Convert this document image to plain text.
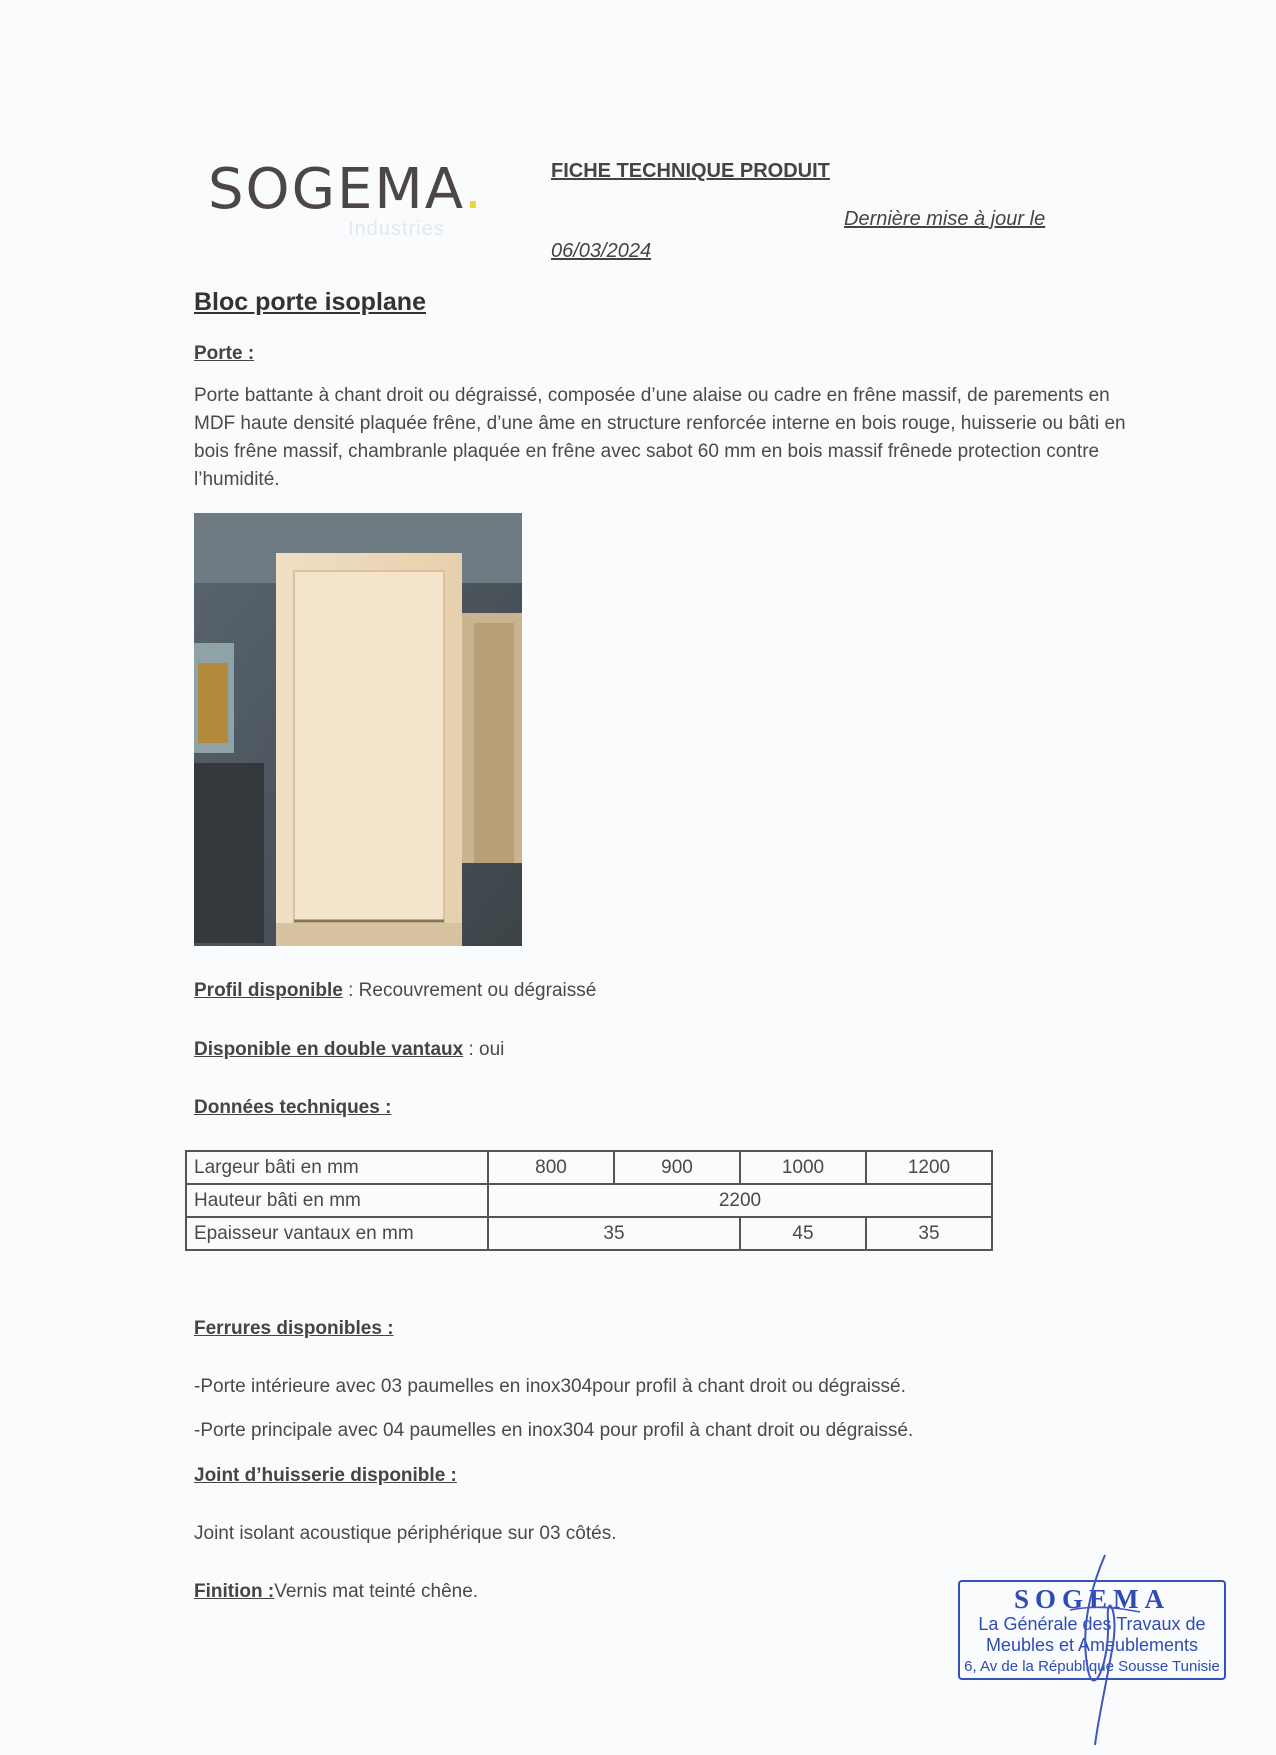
SOGEMA.
Industries
FICHE TECHNIQUE PRODUIT
Dernière mise à jour le
06/03/2024
Bloc porte isoplane
Porte :
Porte battante à chant droit ou dégraissé, composée d’une alaise ou cadre en frêne massif, de parements en MDF haute densité plaquée frêne, d’une âme en structure renforcée interne en bois rouge, huisserie ou bâti en bois frêne massif, chambranle plaquée en frêne avec sabot 60 mm en bois massif frênede protection contre l’humidité.
Profil disponible : Recouvrement ou dégraissé
Disponible en double vantaux : oui
Données techniques :
Largeur bâti en mm	800	900	1000	1200
Hauteur bâti en mm	2200			
Epaisseur vantaux en mm	35		45	35
Ferrures disponibles :
-Porte intérieure avec 03 paumelles en inox304pour profil à chant droit ou dégraissé.
-Porte principale avec 04 paumelles en inox304 pour profil à chant droit ou dégraissé.
Joint d’huisserie disponible :
Joint isolant acoustique périphérique sur 03 côtés.
Finition :Vernis mat teinté chêne.	SOGEMA
La Générale des Travaux de
Meubles et Ameublements
6, Av de la République Sousse Tunisie
